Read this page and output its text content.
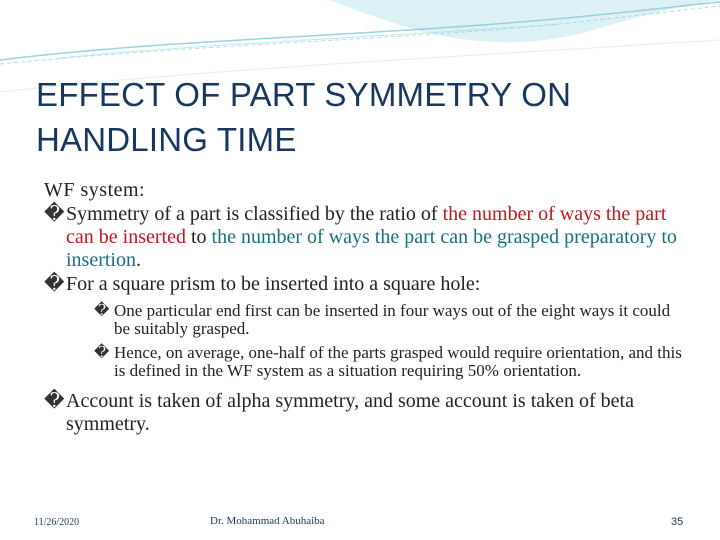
EFFECT OF PART SYMMETRY ON
HANDLING TIME
WF system:
� Symmetry of a part is classified by the ratio of the number of ways the part can be inserted to the number of ways the part can be grasped preparatory to insertion.
� For a square prism to be inserted into a square hole:
� One particular end first can be inserted in four ways out of the eight ways it could be suitably grasped.
� Hence, on average, one-half of the parts grasped would require orientation, and this is defined in the WF system as a situation requiring 50% orientation.
� Account is taken of alpha symmetry, and some account is taken of beta symmetry.
11/26/2020	Dr. Mohammad Abuhaiba	35
